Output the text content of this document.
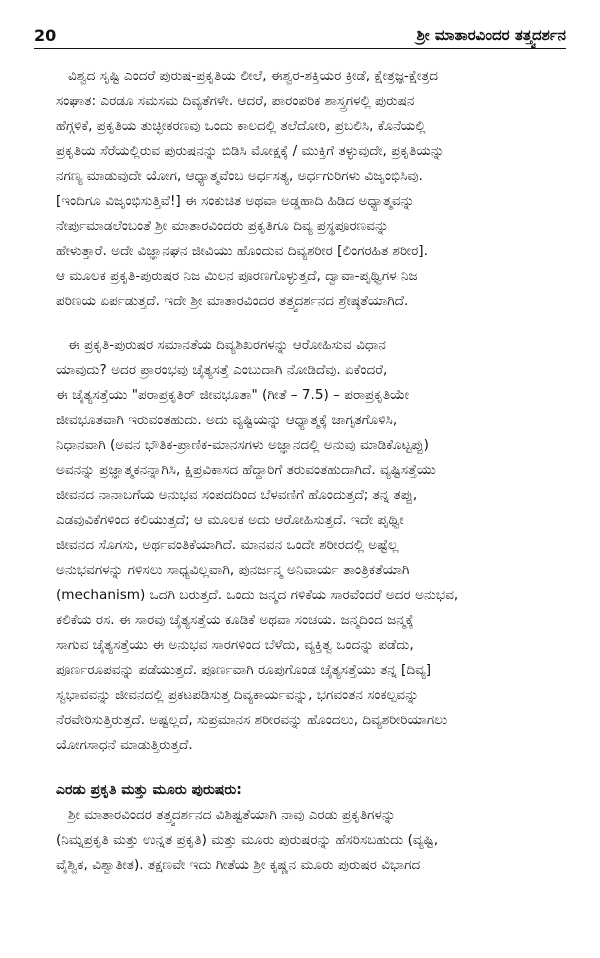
20	ಶ್ರೀ ಮಾತಾರವಿಂದರ ತತ್ತ್ವದರ್ಶನ
ವಿಶ್ವದ ಸೃಷ್ಟಿ ಎಂದರೆ ಪುರುಷ-ಪ್ರಕೃತಿಯ ಲೀಲೆ, ಈಶ್ವರ-ಶಕ್ತಿಯರ ಕ್ರೀಡೆ, ಕ್ಷೇತ್ರಜ್ಞ-ಕ್ಷೇತ್ರದ
ಸಂಘಾತ: ಎರಡೂ ಸಮಸಮ ದಿವ್ಯತೆಗಳೇ. ಆದರೆ, ಪಾರಂಪರಿಕ ಶಾಸ್ತ್ರಗಳಲ್ಲಿ ಪುರುಷನ
ಹೆಗ್ಗಳಿಕೆ, ಪ್ರಕೃತಿಯ ತುಚ್ಛೀಕರಣವು ಒಂದು ಕಾಲದಲ್ಲಿ ತಲೆದೋರಿ, ಪ್ರಬಲಿಸಿ, ಕೊನೆಯಲ್ಲಿ
ಪ್ರಕೃತಿಯ ಸೆರೆಯಲ್ಲಿರುವ ಪುರುಷನನ್ನು ಬಿಡಿಸಿ ಮೋಕ್ಷಕ್ಕೆ / ಮುಕ್ತಿಗೆ ತಳ್ಳುವುದೇ, ಪ್ರಕೃತಿಯನ್ನು
ನಗಣ್ಯ ಮಾಡುವುದೇ ಯೋಗ, ಆಧ್ಯಾತ್ಮವೆಂಬ ಅರ್ಧಸತ್ಯ, ಅರ್ಧಗುರಿಗಳು ವಿಜೃಂಭಿಸಿವು.
[ಇಂದಿಗೂ ವಿಜೃಂಭಿಸುತ್ತಿವೆ!] ಈ ಸಂಕುಚಿತ ಅಥವಾ ಅಡ್ಡಹಾದಿ ಹಿಡಿದ ಅಧ್ಯಾತ್ಮವನ್ನು
ನೇರ್ಪುಮಾಡಲೆಂಬಂತೆ ಶ್ರೀ ಮಾತಾರವಿಂದರು ಪ್ರಕೃತಿಗೂ ದಿವ್ಯ ಪ್ರಸ್ಥಪೂರಣವನ್ನು
ಹೇಳುತ್ತಾರೆ. ಅದೇ ವಿಜ್ಞಾನಘನ ಜೀವಿಯು ಹೊಂದುವ ದಿವ್ಯಶರೀರ [ಲಿಂಗರಹಿತ ಶರೀರ].
ಆ ಮೂಲಕ ಪ್ರಕೃತಿ-ಪುರುಷರ ನಿಜ ಮಿಲನ ಪೂರಣಗೊಳ್ಳುತ್ತದೆ, ದ್ವಾವಾ-ಪೃಥ್ವಿಗಳ ನಿಜ
ಪರಿಣಯ ಏರ್ಪಡುತ್ತದೆ. ಇದೇ ಶ್ರೀ ಮಾತಾರವಿಂದರ ತತ್ತ್ವದರ್ಶನದ ಶ್ರೇಷ್ಠತೆಯಾಗಿದೆ.
ಈ ಪ್ರಕೃತಿ-ಪುರುಷರ ಸಮಾನತೆಯ ದಿವ್ಯಶಿಖರಗಳನ್ನು ಆರೋಹಿಸುವ ವಿಧಾನ
ಯಾವುದು? ಅದರ ಪ್ರಾರಂಭವು ಚೈತ್ಯಸತ್ತೆ ಎಂಬುದಾಗಿ ನೋಡಿದೆವು. ಏಕೆಂದರೆ,
ಈ ಚೈತ್ಯಸತ್ತೆಯು "ಪರಾಪ್ರಕೃತಿರ್ ಜೀವಭೂತಾ" (ಗೀತೆ – 7.5) – ಪರಾಪ್ರಕೃತಿಯೇ
ಜೀವಭೂತವಾಗಿ ಇರುವಂತಹುದು. ಅದು ವ್ಯಷ್ಟಿಯನ್ನು ಆಧ್ಯಾತ್ಮಕ್ಕೆ ಜಾಗೃತಗೊಳಿಸಿ,
ನಿಧಾನವಾಗಿ (ಅವನ ಭೌತಿಕ-ಪ್ರಾಣಿಕ-ಮಾನಸಗಳು ಅಜ್ಞಾನದಲ್ಲಿ ಅನುವು ಮಾಡಿಕೊಟ್ಟಪ್ಪು)
ಅವನನ್ನು ಪ್ರಜ್ಞಾತ್ಮಕನನ್ನಾಗಿಸಿ, ಕ್ಷಿಪ್ರವಿಕಾಸದ ಹೆದ್ದಾರಿಗೆ ತರುವಂತಹುದಾಗಿದೆ. ವ್ಯಷ್ಟಿಸತ್ತೆಯು
ಜೀವನದ ನಾನಾಬಗೆಯ ಅನುಭವ ಸಂಪದದಿಂದ ಬೆಳವಣಿಗೆ ಹೊಂದುತ್ತದೆ; ತನ್ನ ತಪ್ಪು,
ಎಡವುವಿಕೆಗಳಿಂದ ಕಲಿಯುತ್ತದೆ; ಆ ಮೂಲಕ ಅದು ಆರೋಹಿಸುತ್ತದೆ. ಇದೇ ಪೃಥ್ವೀ
ಜೀವನದ ಸೊಗಸು, ಅರ್ಥವಂತಿಕೆಯಾಗಿದೆ. ಮಾನವನ ಒಂದೇ ಶರೀರದಲ್ಲಿ ಅಷ್ಟೆಲ್ಲ
ಅನುಭವಗಳನ್ನು ಗಳಿಸಲು ಸಾಧ್ಯವಿಲ್ಲವಾಗಿ, ಪುನರ್ಜನ್ಮ ಅನಿವಾರ್ಯ ತಾಂತ್ರಿಕತೆಯಾಗಿ
(mechanism) ಒದಗಿ ಬರುತ್ತದೆ. ಒಂದು ಜನ್ಮದ ಗಳಿಕೆಯ ಸಾರವೆಂದರೆ ಅದರ ಅನುಭವ,
ಕಲಿಕೆಯ ರಸ. ಈ ಸಾರವು ಚೈತ್ಯಸತ್ತೆಯ ಕೂಡಿಕೆ ಅಥವಾ ಸಂಚಯ. ಜನ್ಮದಿಂದ ಜನ್ಮಕ್ಕೆ
ಸಾಗುವ ಚೈತ್ಯಸತ್ತೆಯು ಈ ಅನುಭವ ಸಾರಗಳಿಂದ ಬೆಳೆದು, ವ್ಯಕ್ತಿತ್ವ ಒಂದನ್ನು ಪಡೆದು,
ಪೂರ್ಣರೂಪವನ್ನು ಪಡೆಯುತ್ತದೆ. ಪೂರ್ಣವಾಗಿ ರೂಪುಗೊಂಡ ಚೈತ್ಯಸತ್ತೆಯು ತನ್ನ [ದಿವ್ಯ]
ಸ್ವಭಾವವನ್ನು ಜೀವನದಲ್ಲಿ ಪ್ರಕಟಪಡಿಸುತ್ತ ದಿವ್ಯಕಾರ್ಯವನ್ನು, ಭಗವಂತನ ಸಂಕಲ್ಪವನ್ನು
ನೆರವೇರಿಸುತ್ತಿರುತ್ತದೆ. ಅಷ್ಟಲ್ಲದೆ, ಸುಪ್ರಮಾನಸ ಶರೀರವನ್ನು ಹೊಂದಲು, ದಿವ್ಯಶರೀರಿಯಾಗಲು
ಯೋಗಸಾಧನೆ ಮಾಡುತ್ತಿರುತ್ತದೆ.
ಎರಡು ಪ್ರಕೃತಿ ಮತ್ತು ಮೂರು ಪುರುಷರು:
ಶ್ರೀ ಮಾತಾರವಿಂದರ ತತ್ತ್ವದರ್ಶನದ ವಿಶಿಷ್ಟತೆಯಾಗಿ ನಾವು ಎರಡು ಪ್ರಕೃತಿಗಳನ್ನು
(ನಿಮ್ನಪ್ರಕೃತಿ ಮತ್ತು ಉನ್ನತ ಪ್ರಕೃತಿ) ಮತ್ತು ಮೂರು ಪುರುಷರನ್ನು ಹೆಸರಿಸಬಹುದು (ವ್ಯಷ್ಟಿ,
ವೈಶ್ವಿಕ, ವಿಶ್ವಾತೀತ). ತಕ್ಷಣವೇ ಇದು ಗೀತೆಯ ಶ್ರೀ ಕೃಷ್ಣನ ಮೂರು ಪುರುಷರ ವಿಭಾಗದ
